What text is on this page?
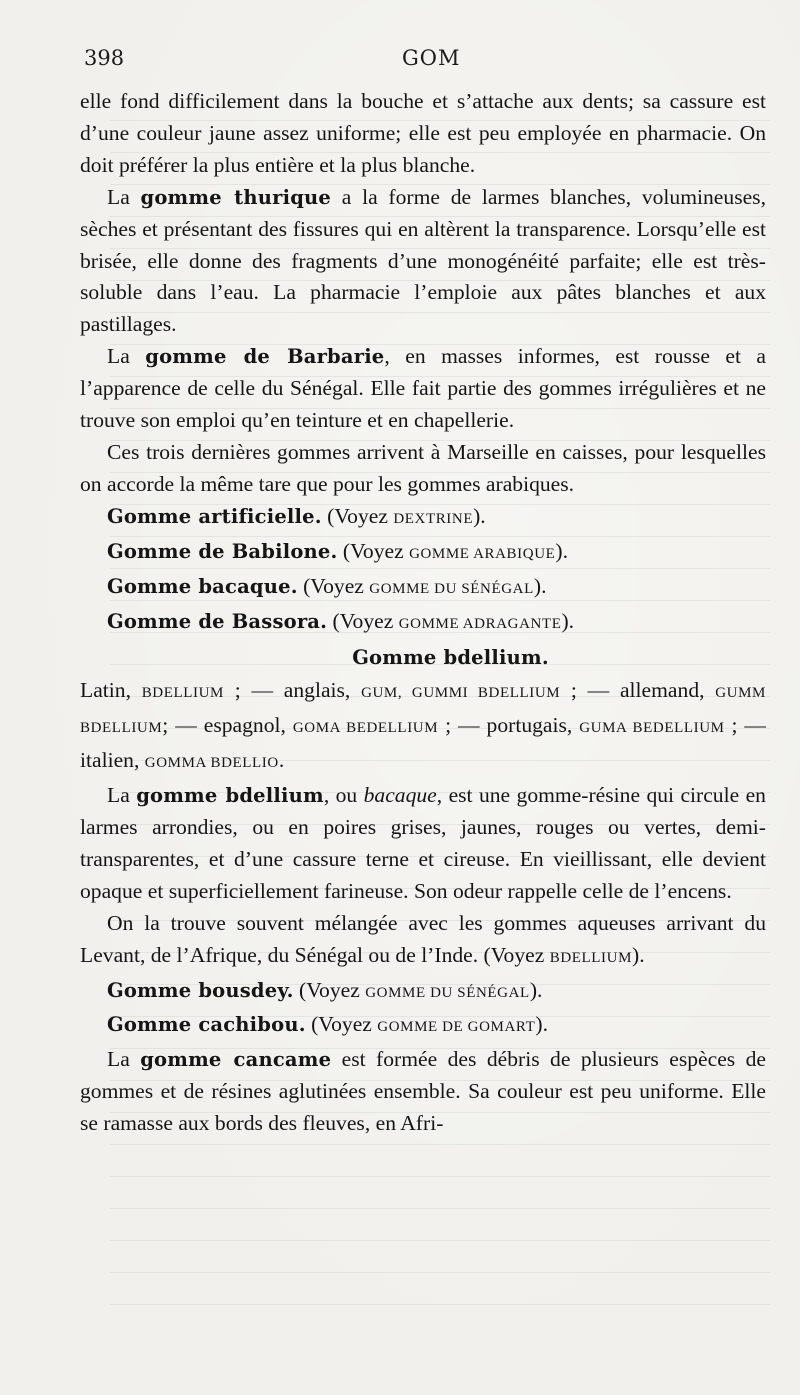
398	GOM

elle fond difficilement dans la bouche et s’attache aux dents; sa cassure est d’une couleur jaune assez uniforme; elle est peu employée en pharmacie. On doit préférer la plus entière et la plus blanche.

La gomme thurique a la forme de larmes blanches, volumineuses, sèches et présentant des fissures qui en altèrent la transparence. Lorsqu’elle est brisée, elle donne des fragments d’une monogénéité parfaite; elle est très-soluble dans l’eau. La pharmacie l’emploie aux pâtes blanches et aux pastillages.

La gomme de Barbarie, en masses informes, est rousse et a l’apparence de celle du Sénégal. Elle fait partie des gommes irrégulières et ne trouve son emploi qu’en teinture et en chapellerie.

Ces trois dernières gommes arrivent à Marseille en caisses, pour lesquelles on accorde la même tare que pour les gommes arabiques.

Gomme artificielle. (Voyez DEXTRINE).

Gomme de Babilone. (Voyez GOMME ARABIQUE).

Gomme bacaque. (Voyez GOMME DU SÉNÉGAL).

Gomme de Bassora. (Voyez GOMME ADRAGANTE).

Gomme bdellium.

Latin, BDELLIUM ; — anglais, GUM, GUMMI BDELLIUM ; — allemand, GUMM BDELLIUM; — espagnol, GOMA BEDELLIUM ; — portugais, GUMA BEDELLIUM ; — italien, GOMMA BDELLIO.

La gomme bdellium, ou bacaque, est une gomme-résine qui circule en larmes arrondies, ou en poires grises, jaunes, rouges ou vertes, demi-transparentes, et d’une cassure terne et cireuse. En vieillissant, elle devient opaque et superficiellement farineuse. Son odeur rappelle celle de l’encens.

On la trouve souvent mélangée avec les gommes aqueuses arrivant du Levant, de l’Afrique, du Sénégal ou de l’Inde. (Voyez BDELLIUM).

Gomme bousdey. (Voyez GOMME DU SÉNÉGAL).

Gomme cachibou. (Voyez GOMME DE GOMART).

La gomme cancame est formée des débris de plusieurs espèces de gommes et de résines aglutinées ensemble. Sa couleur est peu uniforme. Elle se ramasse aux bords des fleuves, en Afri-
